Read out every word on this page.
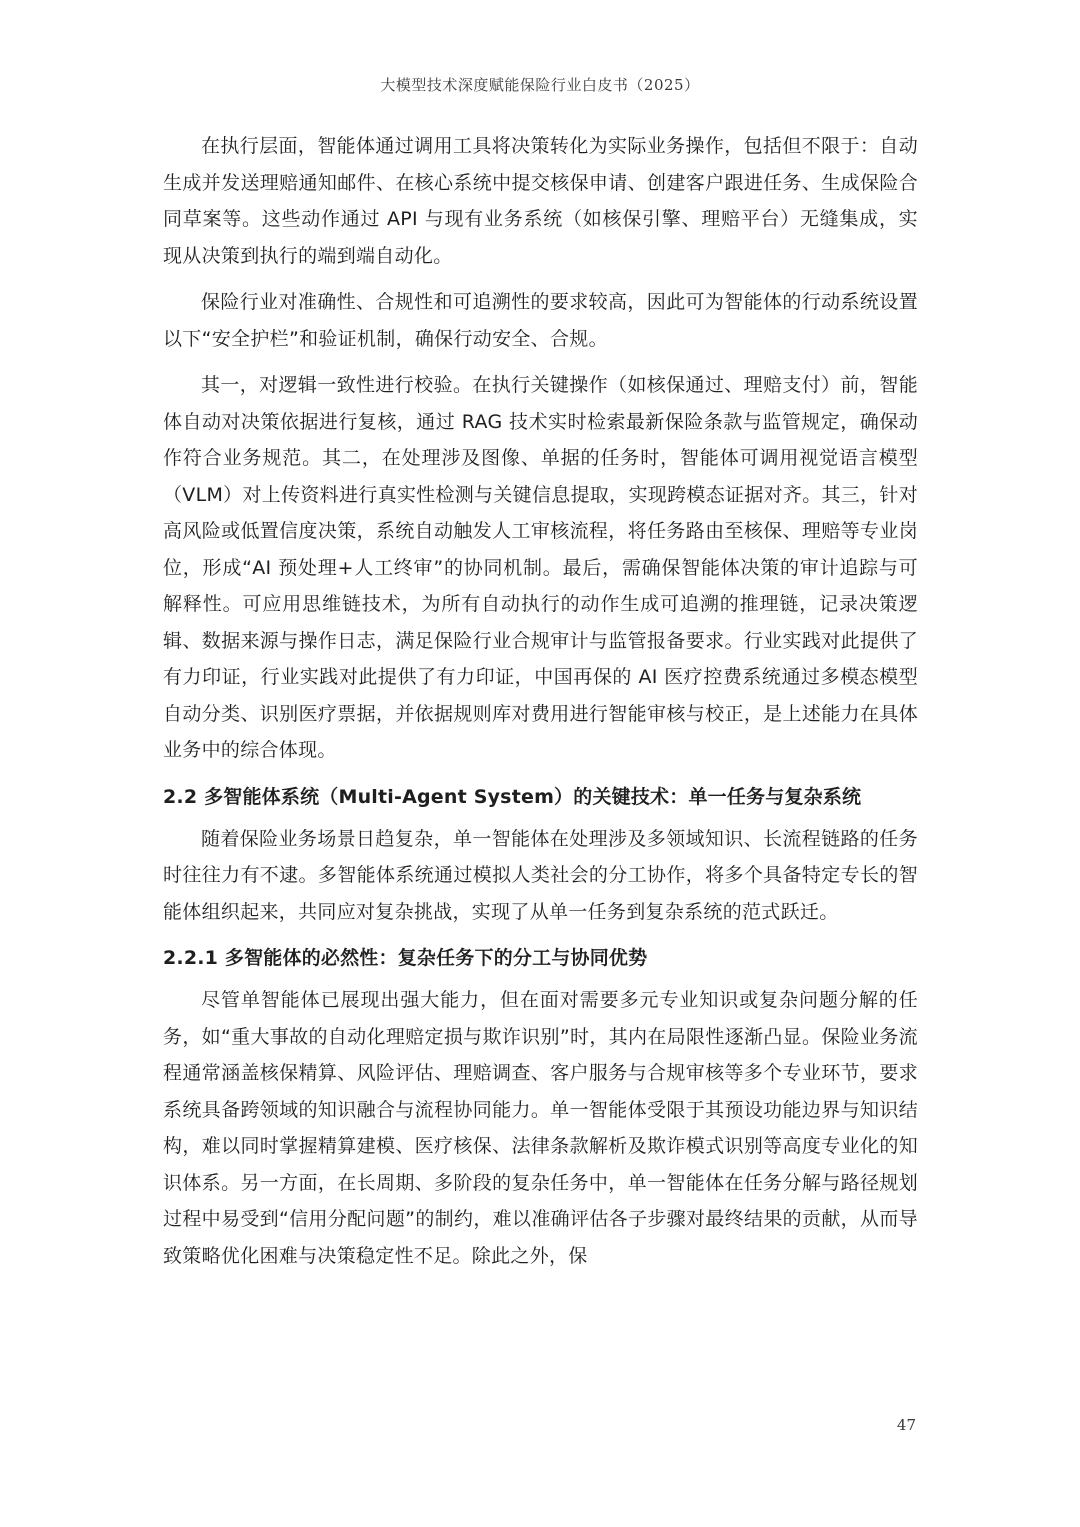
大模型技术深度赋能保险行业白皮书（2025）

在执行层面，智能体通过调用工具将决策转化为实际业务操作，包括但不限于：自动生成并发送理赔通知邮件、在核心系统中提交核保申请、创建客户跟进任务、生成保险合同草案等。这些动作通过 API 与现有业务系统（如核保引擎、理赔平台）无缝集成，实现从决策到执行的端到端自动化。

保险行业对准确性、合规性和可追溯性的要求较高，因此可为智能体的行动系统设置以下“安全护栏”和验证机制，确保行动安全、合规。

其一，对逻辑一致性进行校验。在执行关键操作（如核保通过、理赔支付）前，智能体自动对决策依据进行复核，通过 RAG 技术实时检索最新保险条款与监管规定，确保动作符合业务规范。其二，在处理涉及图像、单据的任务时，智能体可调用视觉语言模型（VLM）对上传资料进行真实性检测与关键信息提取，实现跨模态证据对齐。其三，针对高风险或低置信度决策，系统自动触发人工审核流程，将任务路由至核保、理赔等专业岗位，形成“AI 预处理+人工终审”的协同机制。最后，需确保智能体决策的审计追踪与可解释性。可应用思维链技术，为所有自动执行的动作生成可追溯的推理链，记录决策逻辑、数据来源与操作日志，满足保险行业合规审计与监管报备要求。行业实践对此提供了有力印证，行业实践对此提供了有力印证，中国再保的 AI 医疗控费系统通过多模态模型自动分类、识别医疗票据，并依据规则库对费用进行智能审核与校正，是上述能力在具体业务中的综合体现。

2.2 多智能体系统（Multi-Agent System）的关键技术：单一任务与复杂系统

随着保险业务场景日趋复杂，单一智能体在处理涉及多领域知识、长流程链路的任务时往往力有不逮。多智能体系统通过模拟人类社会的分工协作，将多个具备特定专长的智能体组织起来，共同应对复杂挑战，实现了从单一任务到复杂系统的范式跃迁。

2.2.1 多智能体的必然性：复杂任务下的分工与协同优势

尽管单智能体已展现出强大能力，但在面对需要多元专业知识或复杂问题分解的任务，如“重大事故的自动化理赔定损与欺诈识别”时，其内在局限性逐渐凸显。保险业务流程通常涵盖核保精算、风险评估、理赔调查、客户服务与合规审核等多个专业环节，要求系统具备跨领域的知识融合与流程协同能力。单一智能体受限于其预设功能边界与知识结构，难以同时掌握精算建模、医疗核保、法律条款解析及欺诈模式识别等高度专业化的知识体系。另一方面，在长周期、多阶段的复杂任务中，单一智能体在任务分解与路径规划过程中易受到“信用分配问题”的制约，难以准确评估各子步骤对最终结果的贡献，从而导致策略优化困难与决策稳定性不足。除此之外，保

47
